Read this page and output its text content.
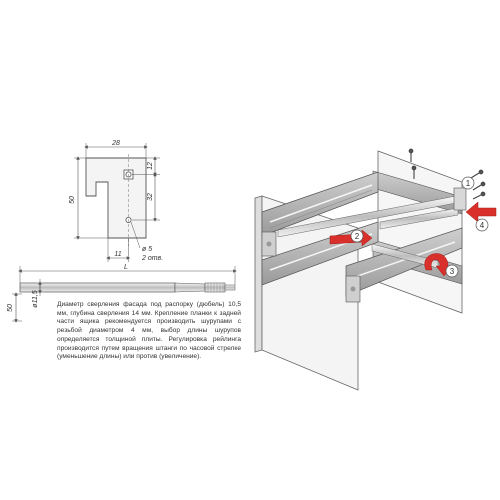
28
50
12
32
11
ø 5
2 отв.
L
ø11,5
50
1
2
3
4

Диаметр сверления фасада под распорку (дюбель) 10,5 мм, глубина сверления 14 мм. Крепление планки к задней части ящика рекомендуется производить шурупами с резьбой диаметром 4 мм, выбор длины шурупов определяется толщиной плиты. Регулировка рейлинга производится путем вращения штанги по часовой стрелке (уменьшение длины) или против (увеличение).
